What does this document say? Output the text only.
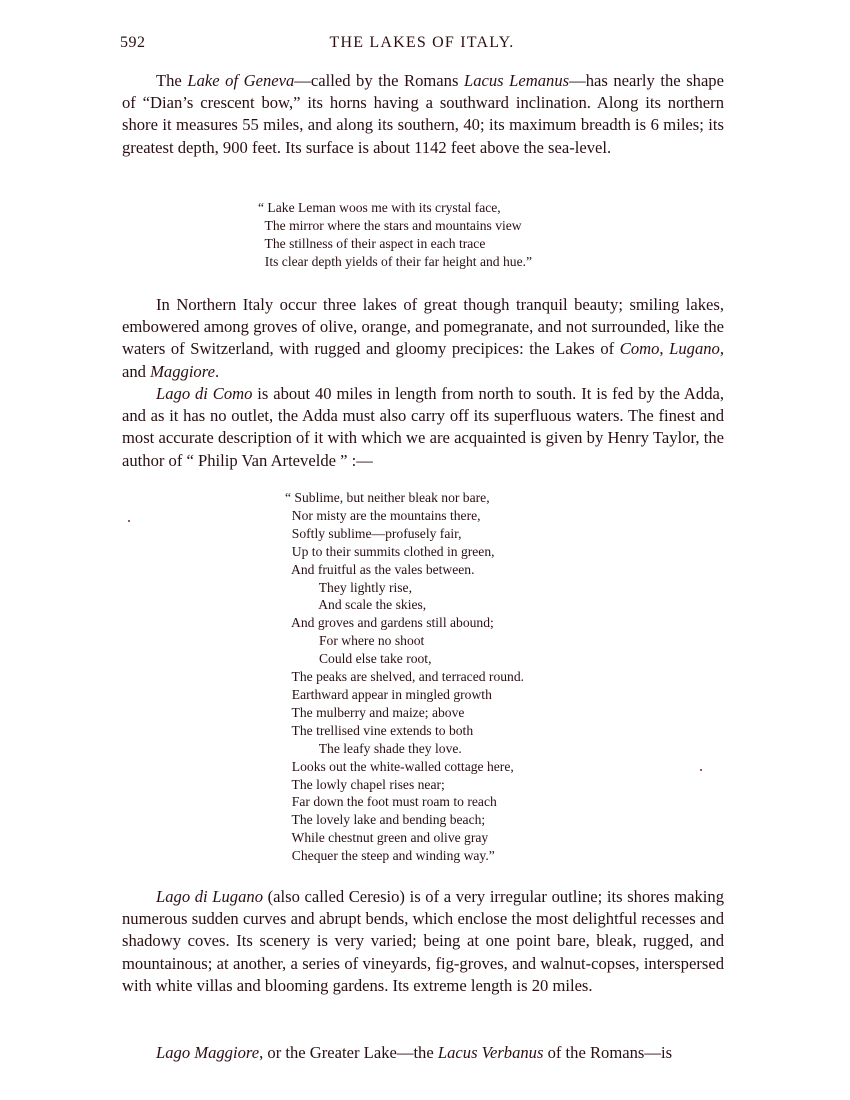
592	THE LAKES OF ITALY.

The Lake of Geneva—called by the Romans Lacus Lemanus—has nearly the shape of “Dian’s crescent bow,” its horns having a southward inclination. Along its northern shore it measures 55 miles, and along its southern, 40; its maximum breadth is 6 miles; its greatest depth, 900 feet. Its surface is about 1142 feet above the sea-level.

“ Lake Leman woos me with its crystal face,
The mirror where the stars and mountains view
The stillness of their aspect in each trace
Its clear depth yields of their far height and hue.”

In Northern Italy occur three lakes of great though tranquil beauty; smiling lakes, embowered among groves of olive, orange, and pomegranate, and not surrounded, like the waters of Switzerland, with rugged and gloomy precipices: the Lakes of Como, Lugano, and Maggiore.

Lago di Como is about 40 miles in length from north to south. It is fed by the Adda, and as it has no outlet, the Adda must also carry off its superfluous waters. The finest and most accurate description of it with which we are acquainted is given by Henry Taylor, the author of “ Philip Van Artevelde ” :—

“ Sublime, but neither bleak nor bare,
Nor misty are the mountains there,
Softly sublime—profusely fair,
Up to their summits clothed in green,
And fruitful as the vales between.
They lightly rise,
And scale the skies,
And groves and gardens still abound;
For where no shoot
Could else take root,
The peaks are shelved, and terraced round.
Earthward appear in mingled growth
The mulberry and maize; above
The trellised vine extends to both
The leafy shade they love.
Looks out the white-walled cottage here,
The lowly chapel rises near;
Far down the foot must roam to reach
The lovely lake and bending beach;
While chestnut green and olive gray
Chequer the steep and winding way.”

Lago di Lugano (also called Ceresio) is of a very irregular outline; its shores making numerous sudden curves and abrupt bends, which enclose the most delightful recesses and shadowy coves. Its scenery is very varied; being at one point bare, bleak, rugged, and mountainous; at another, a series of vineyards, fig-groves, and walnut-copses, interspersed with white villas and blooming gardens. Its extreme length is 20 miles.

Lago Maggiore, or the Greater Lake—the Lacus Verbanus of the Romans—is
